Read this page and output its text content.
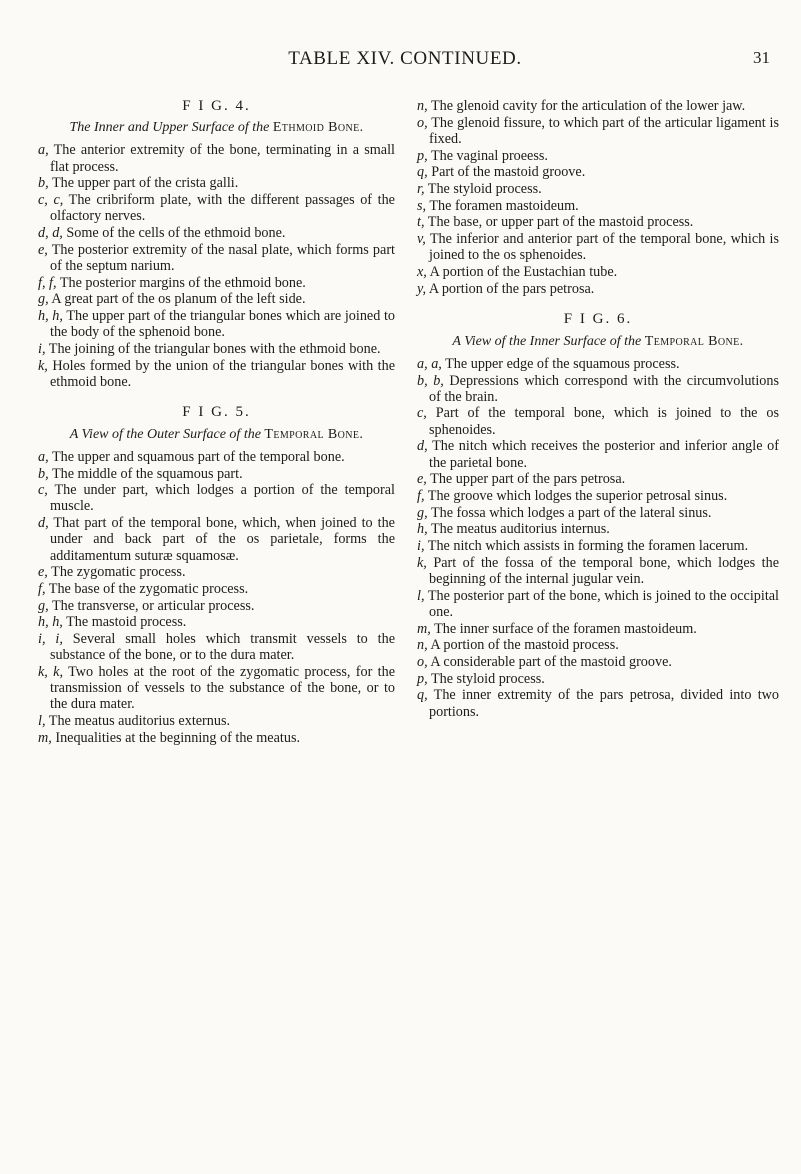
TABLE XIV. CONTINUED.	31
F I G. 4.
The Inner and Upper Surface of the Ethmoid Bone.
a, The anterior extremity of the bone, terminating in a small flat process.
b, The upper part of the crista galli.
c, c, The cribriform plate, with the different passages of the olfactory nerves.
d, d, Some of the cells of the ethmoid bone.
e, The posterior extremity of the nasal plate, which forms part of the septum narium.
f, f, The posterior margins of the ethmoid bone.
g, A great part of the os planum of the left side.
h, h, The upper part of the triangular bones which are joined to the body of the sphenoid bone.
i, The joining of the triangular bones with the ethmoid bone.
k, Holes formed by the union of the triangular bones with the ethmoid bone.
F I G. 5.
A View of the Outer Surface of the Temporal Bone.
a, The upper and squamous part of the temporal bone.
b, The middle of the squamous part.
c, The under part, which lodges a portion of the temporal muscle.
d, That part of the temporal bone, which, when joined to the under and back part of the os parietale, forms the additamentum suturæ squamosæ.
e, The zygomatic process.
f, The base of the zygomatic process.
g, The transverse, or articular process.
h, h, The mastoid process.
i, i, Several small holes which transmit vessels to the substance of the bone, or to the dura mater.
k, k, Two holes at the root of the zygomatic process, for the transmission of vessels to the substance of the bone, or to the dura mater.
l, The meatus auditorius externus.
m, Inequalities at the beginning of the meatus.
n, The glenoid cavity for the articulation of the lower jaw.
o, The glenoid fissure, to which part of the articular ligament is fixed.
p, The vaginal proeess.
q, Part of the mastoid groove.
r, The styloid process.
s, The foramen mastoideum.
t, The base, or upper part of the mastoid process.
v, The inferior and anterior part of the temporal bone, which is joined to the os sphenoides.
x, A portion of the Eustachian tube.
y, A portion of the pars petrosa.
F I G. 6.
A View of the Inner Surface of the Temporal Bone.
a, a, The upper edge of the squamous process.
b, b, Depressions which correspond with the circumvolutions of the brain.
c, Part of the temporal bone, which is joined to the os sphenoides.
d, The nitch which receives the posterior and inferior angle of the parietal bone.
e, The upper part of the pars petrosa.
f, The groove which lodges the superior petrosal sinus.
g, The fossa which lodges a part of the lateral sinus.
h, The meatus auditorius internus.
i, The nitch which assists in forming the foramen lacerum.
k, Part of the fossa of the temporal bone, which lodges the beginning of the internal jugular vein.
l, The posterior part of the bone, which is joined to the occipital one.
m, The inner surface of the foramen mastoideum.
n, A portion of the mastoid process.
o, A considerable part of the mastoid groove.
p, The styloid process.
q, The inner extremity of the pars petrosa, divided into two portions.
